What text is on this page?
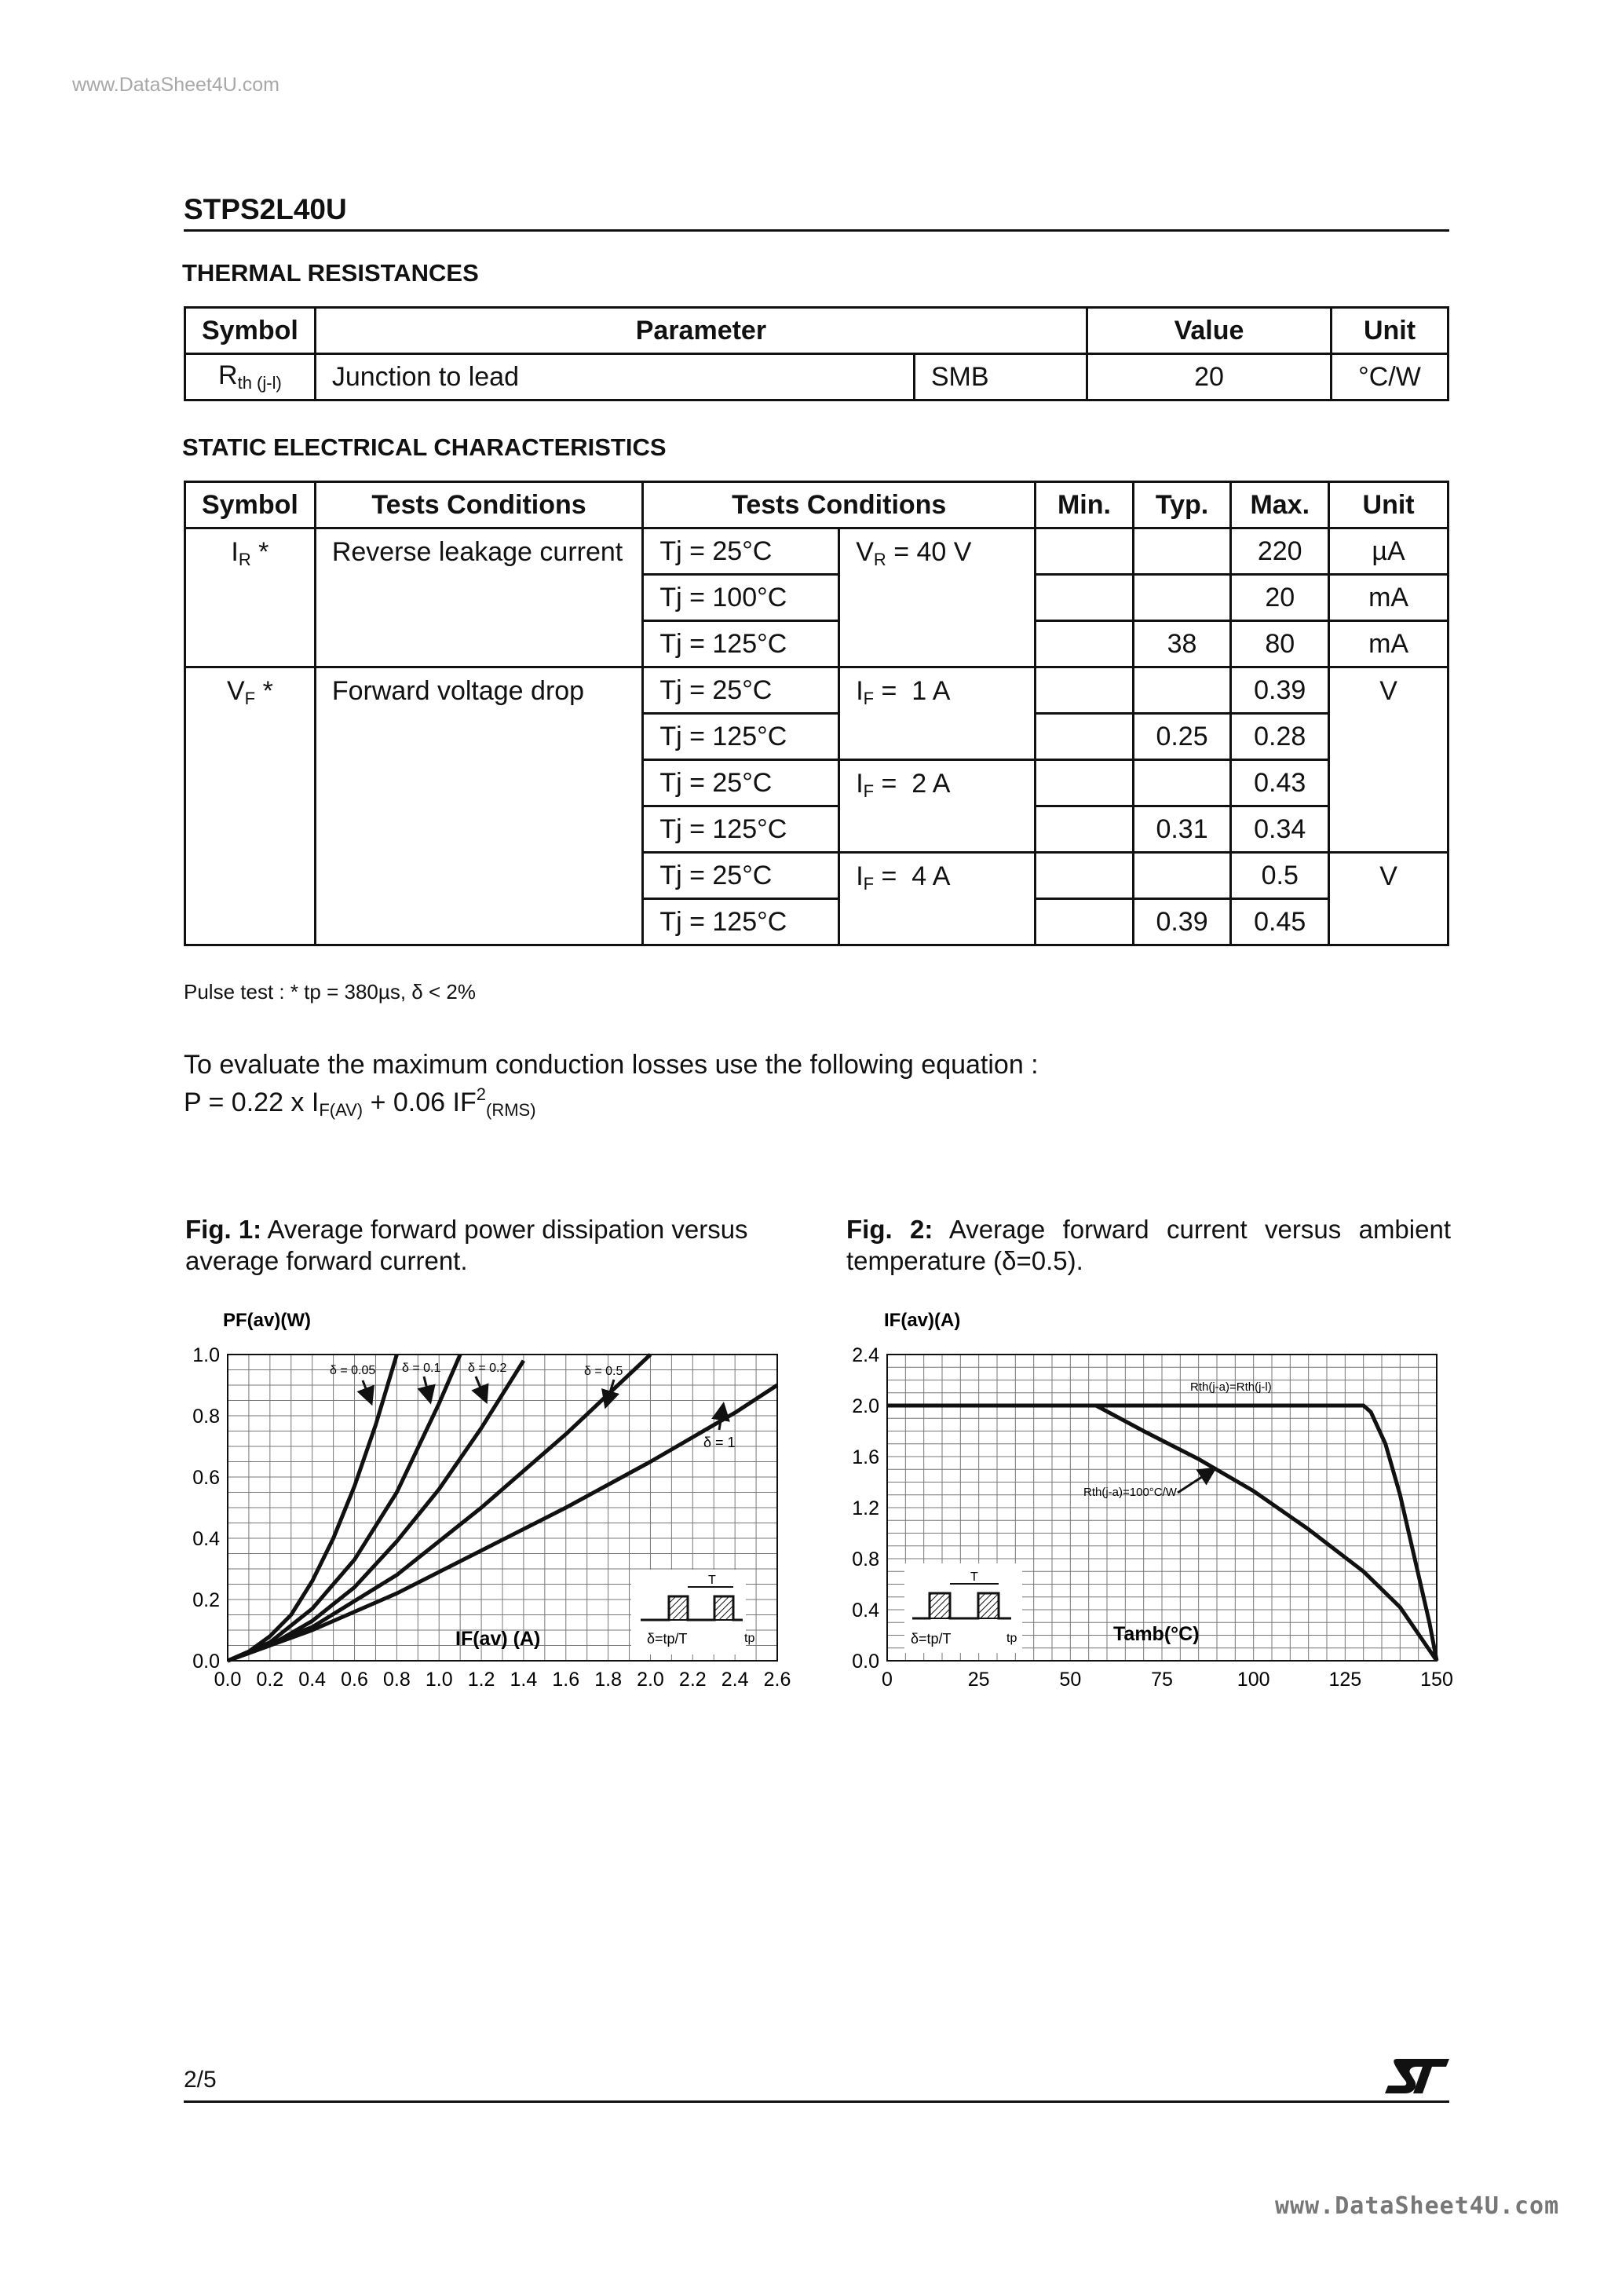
www.DataSheet4U.com
STPS2L40U
THERMAL RESISTANCES
Symbol	Parameter		Value	Unit
$R_{th (j-l)}$	Junction to lead	SMB	20	°C/W
STATIC ELECTRICAL CHARACTERISTICS
Symbol	Tests Conditions	Tests Conditions		Min.	Typ.	Max.	Unit
$I_R$ *	Reverse leakage current	Tj = 25°C	$V_R = 40$ V			220	µA
		Tj = 100°C				20	mA
		Tj = 125°C			38	80	mA
$V_F$ *	Forward voltage drop	Tj = 25°C	$I_F = 1$ A			0.39	V
		Tj = 125°C			0.25	0.28	
		Tj = 25°C	$I_F = 2$ A			0.43	
		Tj = 125°C			0.31	0.34	
		Tj = 25°C	$I_F = 4$ A			0.5	V
		Tj = 125°C			0.39	0.45	
Pulse test : * tp = 380µs, δ < 2%
To evaluate the maximum conduction losses use the following equation :
P = 0.22 x $I_{F(AV)} + 0.06$ $IF^2_{(RMS)}$
Fig. 1: Average forward power dissipation versus average forward current.
Fig. 2: Average forward current versus ambient temperature (δ=0.5).
PF(av)(W)
0.0 0.2 0.4 0.6 0.8 1.0 1.2 1.4 1.6 1.8 2.0 2.2 2.4 2.6
0.0
0.2
0.4
0.6
0.8
1.0
δ = 0.05 δ = 0.1 δ = 0.2	δ = 0.5
δ = 1
IF(av) (A)
T
δ=tp/T	tp
IF(av)(A)
0	25	50	75	100	125	150
0.0
0.4
0.8
1.2
1.6
2.0
2.4
Rth(j-a)=Rth(j-l)
Rth(j-a)=100°C/W
Tamb(°C)
T
δ=tp/T	tp
2/5
ST
www.DataSheet4U.com
